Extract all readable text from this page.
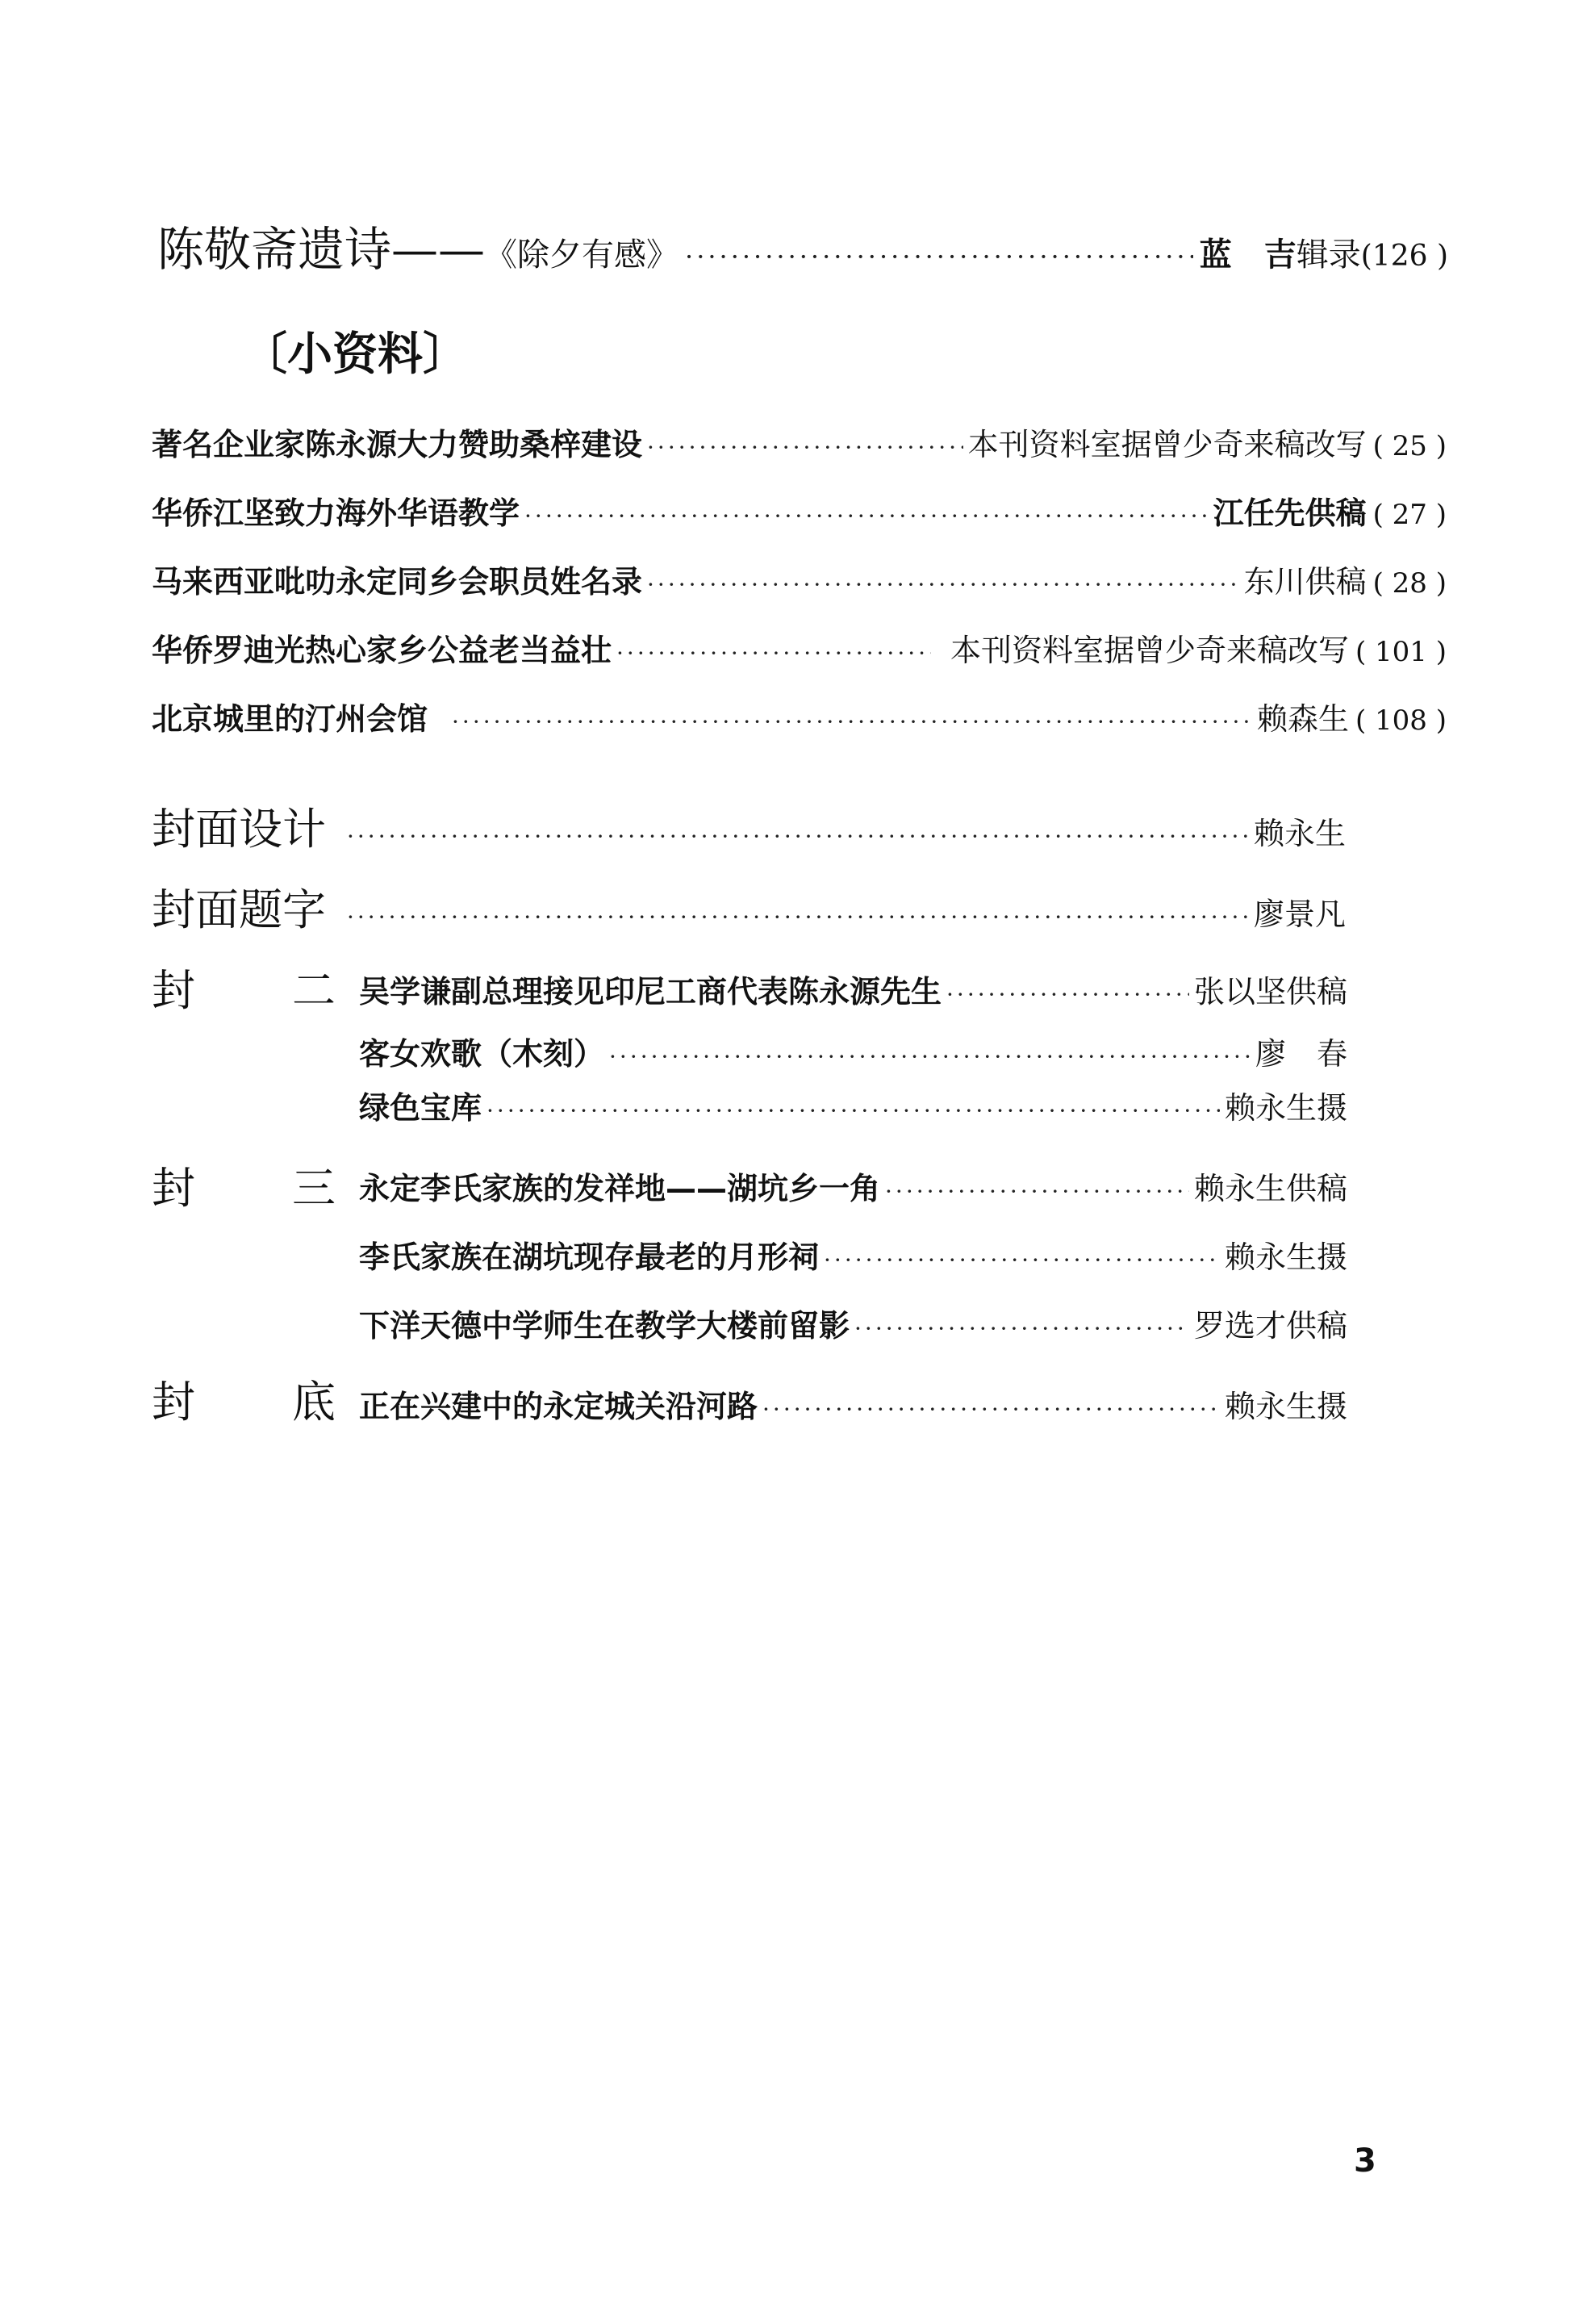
陈敬斋遗诗—— 《除夕有感》 ·····	蓝　吉 辑录 (126 )
〔小资料〕
著名企业家陈永源大力赞助桑梓建设 ·····	本刊资料室据曾少奇来稿改写 ( 25 )
华侨江坚致力海外华语教学 ·····	江任先供稿 ( 27 )
马来西亚吡叻永定同乡会职员姓名录 ·····	东川供稿 ( 28 )
华侨罗迪光热心家乡公益老当益壮 ·····	本刊资料室据曾少奇来稿改写 ( 101 )
北京城里的汀州会馆 ·····	赖森生 ( 108 )
封面设计 ·····	赖永生
封面题字 ·····	廖景凡
封 二 吴学谦副总理接见印尼工商代表陈永源先生 ·····	张以坚供稿
客女欢歌（木刻） ·····	廖　春
绿色宝库 ·····	赖永生摄
封 三 永定李氏家族的发祥地——湖坑乡一角 ·····	赖永生供稿
李氏家族在湖坑现存最老的月形祠 ·····	赖永生摄
下洋天德中学师生在教学大楼前留影 ·····	罗选才供稿
封 底 正在兴建中的永定城关沿河路 ·····	赖永生摄
3
